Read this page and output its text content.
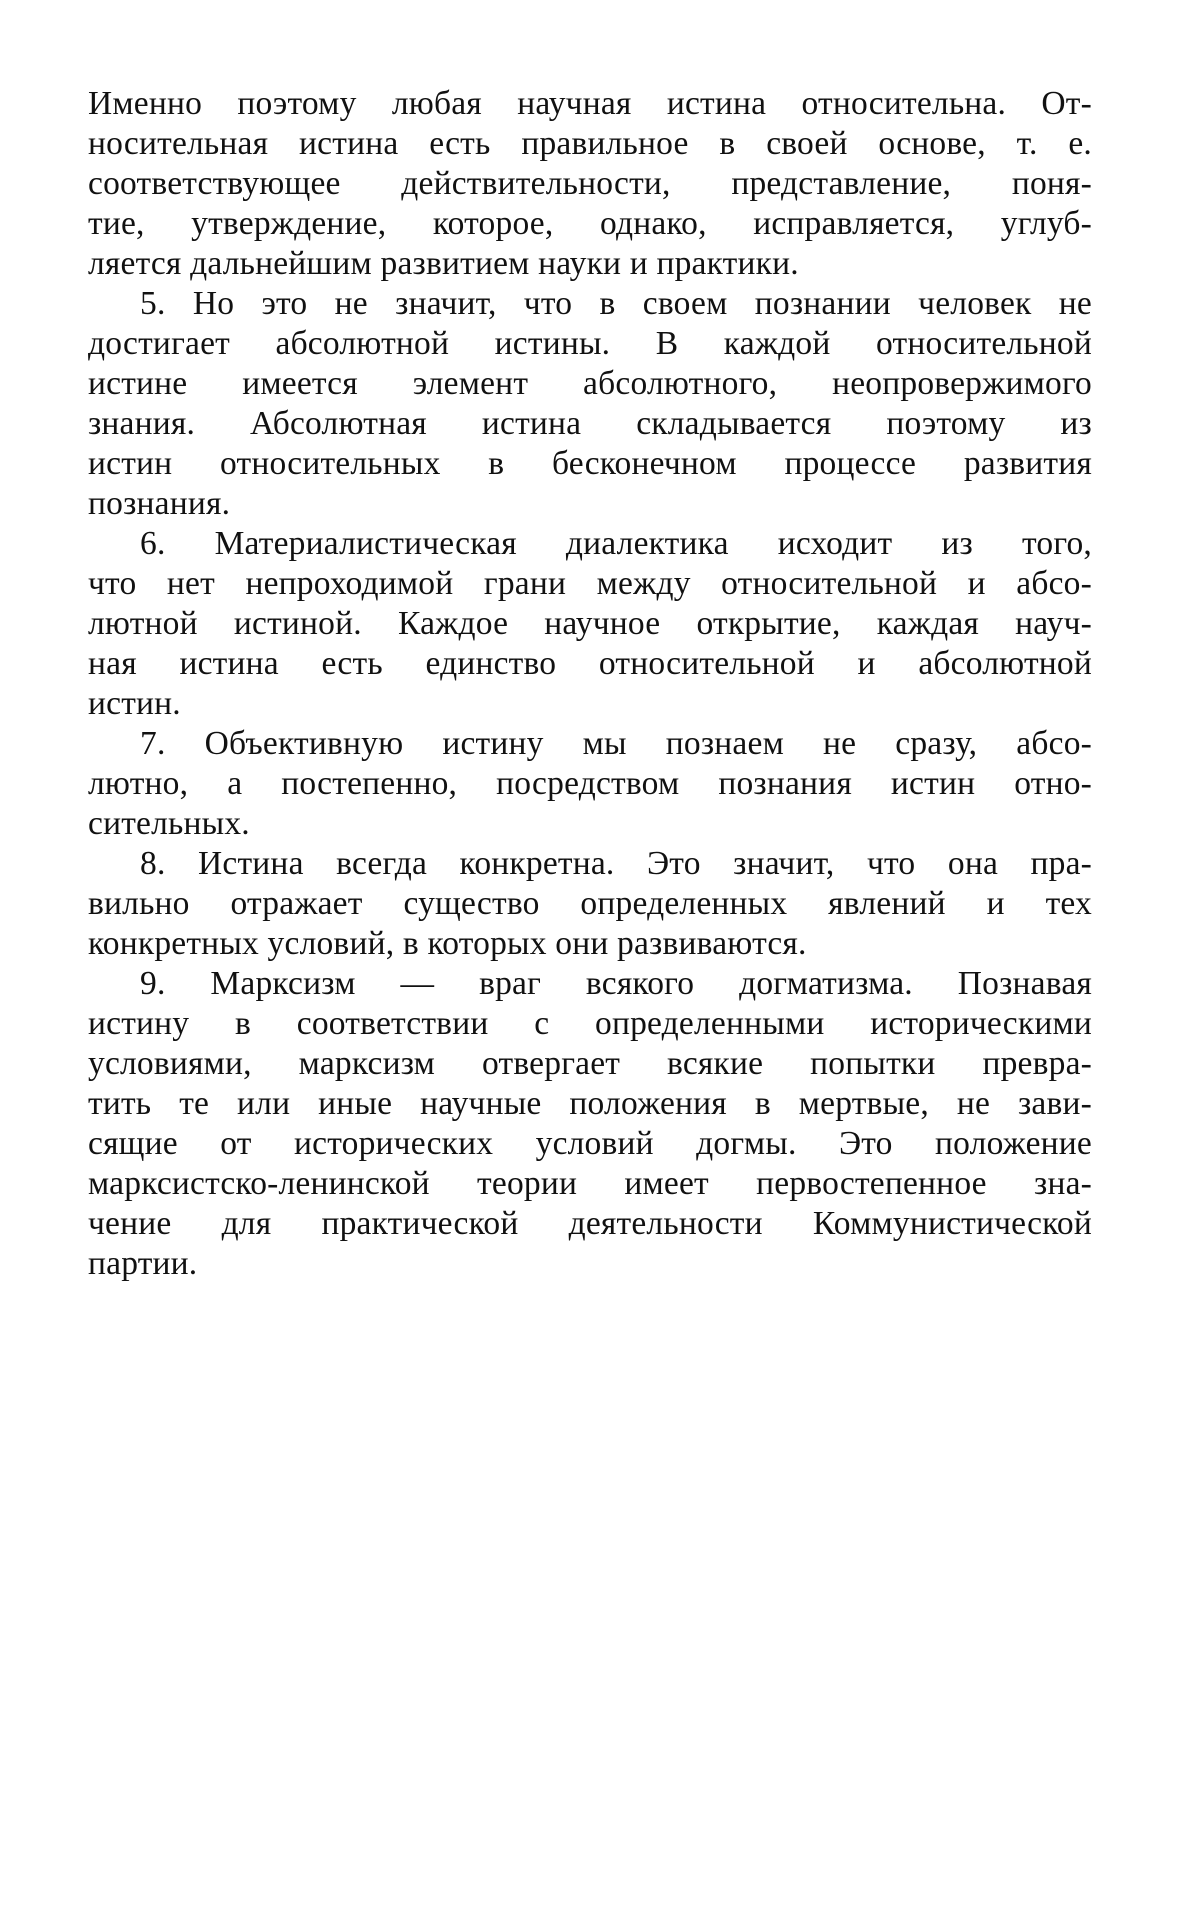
Именно поэтому любая научная истина относительна. От-
носительная истина есть правильное в своей основе, т. е.
соответствующее действительности, представление, поня-
тие, утверждение, которое, однако, исправляется, углуб-
ляется дальнейшим развитием науки и практики.
5. Но это не значит, что в своем познании человек не
достигает абсолютной истины. В каждой относительной
истине имеется элемент абсолютного, неопровержимого
знания. Абсолютная истина складывается поэтому из
истин относительных в бесконечном процессе развития
познания.
6. Материалистическая диалектика исходит из того,
что нет непроходимой грани между относительной и абсо-
лютной истиной. Каждое научное открытие, каждая науч-
ная истина есть единство относительной и абсолютной
истин.
7. Объективную истину мы познаем не сразу, абсо-
лютно, а постепенно, посредством познания истин отно-
сительных.
8. Истина всегда конкретна. Это значит, что она пра-
вильно отражает существо определенных явлений и тех
конкретных условий, в которых они развиваются.
9. Марксизм — враг всякого догматизма. Познавая
истину в соответствии с определенными историческими
условиями, марксизм отвергает всякие попытки превра-
тить те или иные научные положения в мертвые, не зави-
сящие от исторических условий догмы. Это положение
марксистско-ленинской теории имеет первостепенное зна-
чение для практической деятельности Коммунистической
партии.
